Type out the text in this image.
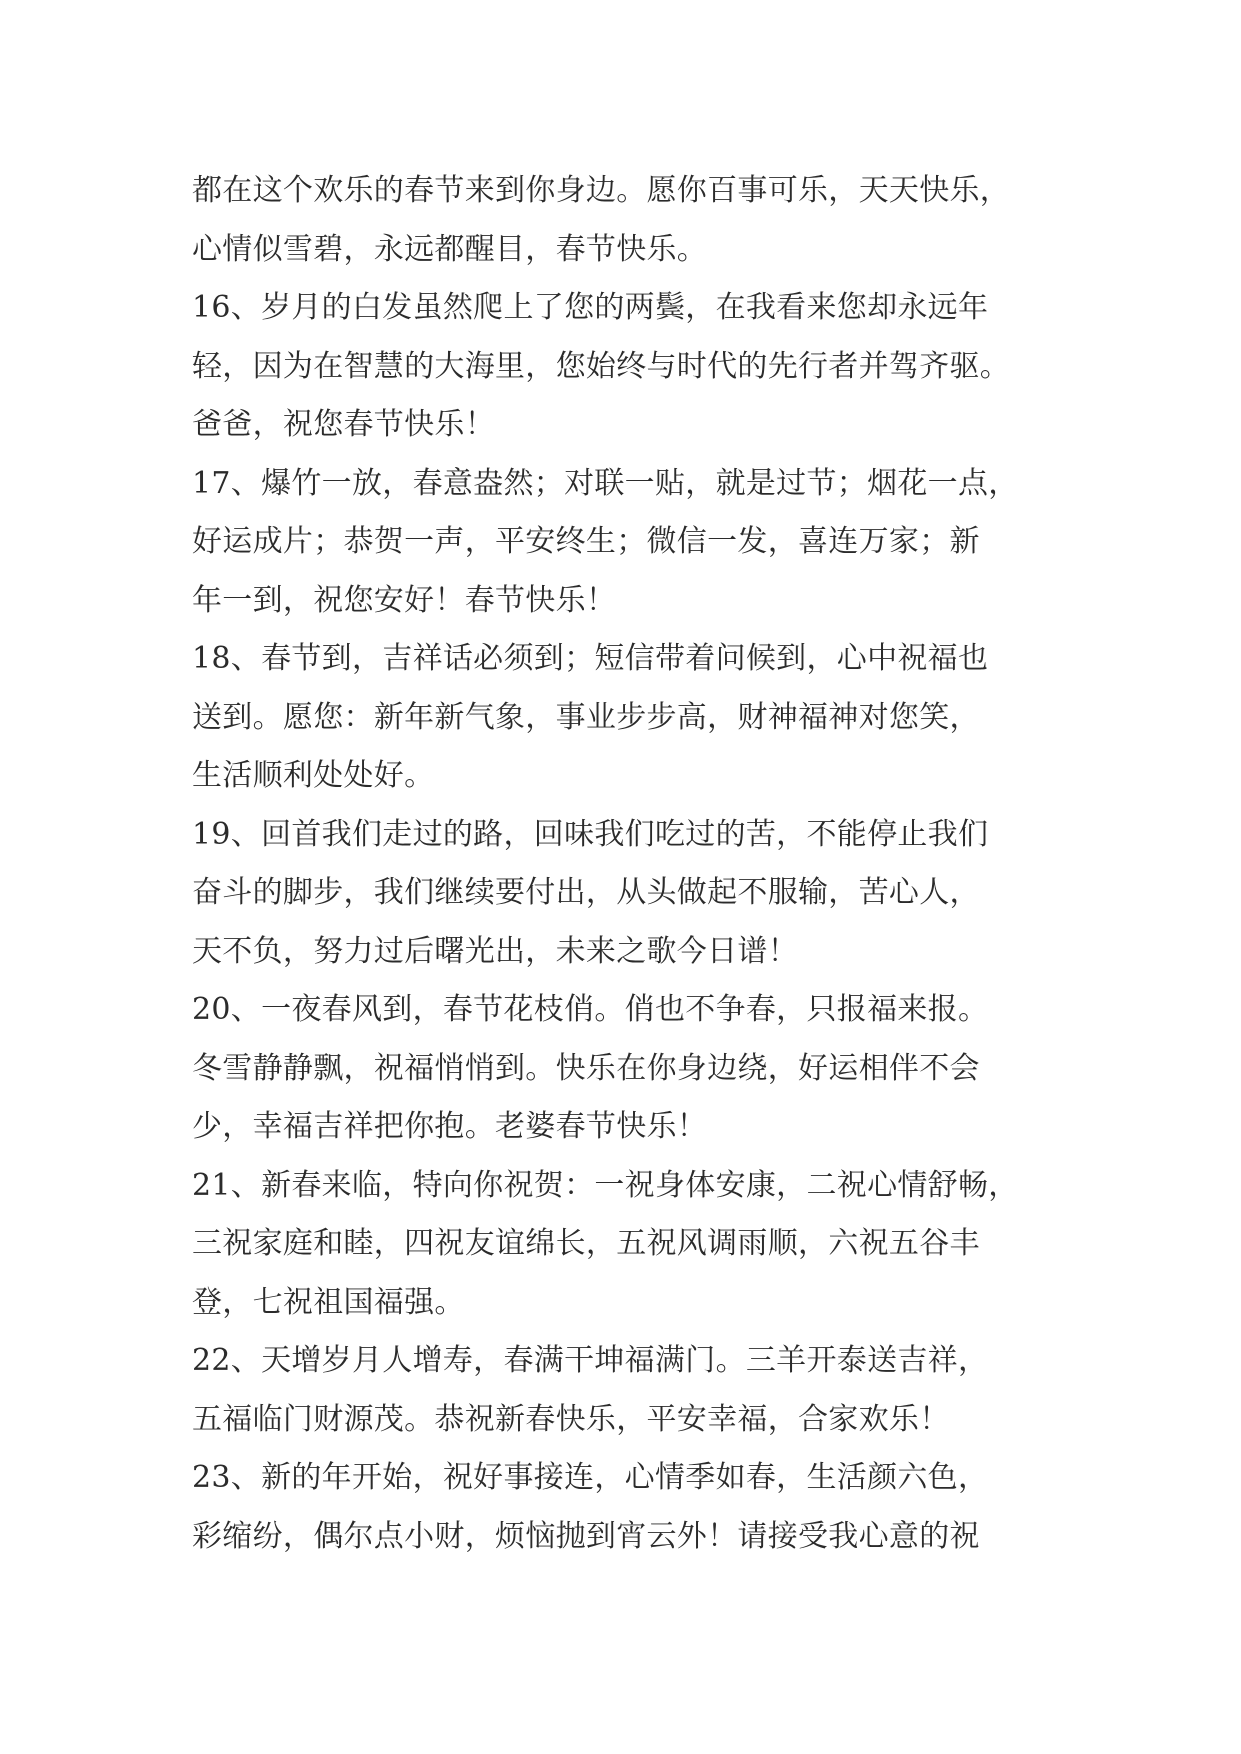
都在这个欢乐的春节来到你身边。愿你百事可乐，天天快乐，
心情似雪碧，永远都醒目，春节快乐。
16、岁月的白发虽然爬上了您的两鬓，在我看来您却永远年
轻，因为在智慧的大海里，您始终与时代的先行者并驾齐驱。
爸爸，祝您春节快乐！
17、爆竹一放，春意盎然；对联一贴，就是过节；烟花一点，
好运成片；恭贺一声，平安终生；微信一发，喜连万家；新
年一到，祝您安好！春节快乐！
18、春节到，吉祥话必须到；短信带着问候到，心中祝福也
送到。愿您：新年新气象，事业步步高，财神福神对您笑，
生活顺利处处好。
19、回首我们走过的路，回味我们吃过的苦，不能停止我们
奋斗的脚步，我们继续要付出，从头做起不服输，苦心人，
天不负，努力过后曙光出，未来之歌今日谱！
20、一夜春风到，春节花枝俏。俏也不争春，只报福来报。
冬雪静静飘，祝福悄悄到。快乐在你身边绕，好运相伴不会
少，幸福吉祥把你抱。老婆春节快乐！
21、新春来临，特向你祝贺：一祝身体安康，二祝心情舒畅，
三祝家庭和睦，四祝友谊绵长，五祝风调雨顺，六祝五谷丰
登，七祝祖国福强。
22、天增岁月人增寿，春满干坤福满门。三羊开泰送吉祥，
五福临门财源茂。恭祝新春快乐，平安幸福，合家欢乐！
23、新的年开始，祝好事接连，心情季如春，生活颜六色，
彩缩纷，偶尔点小财，烦恼抛到宵云外！请接受我心意的祝
